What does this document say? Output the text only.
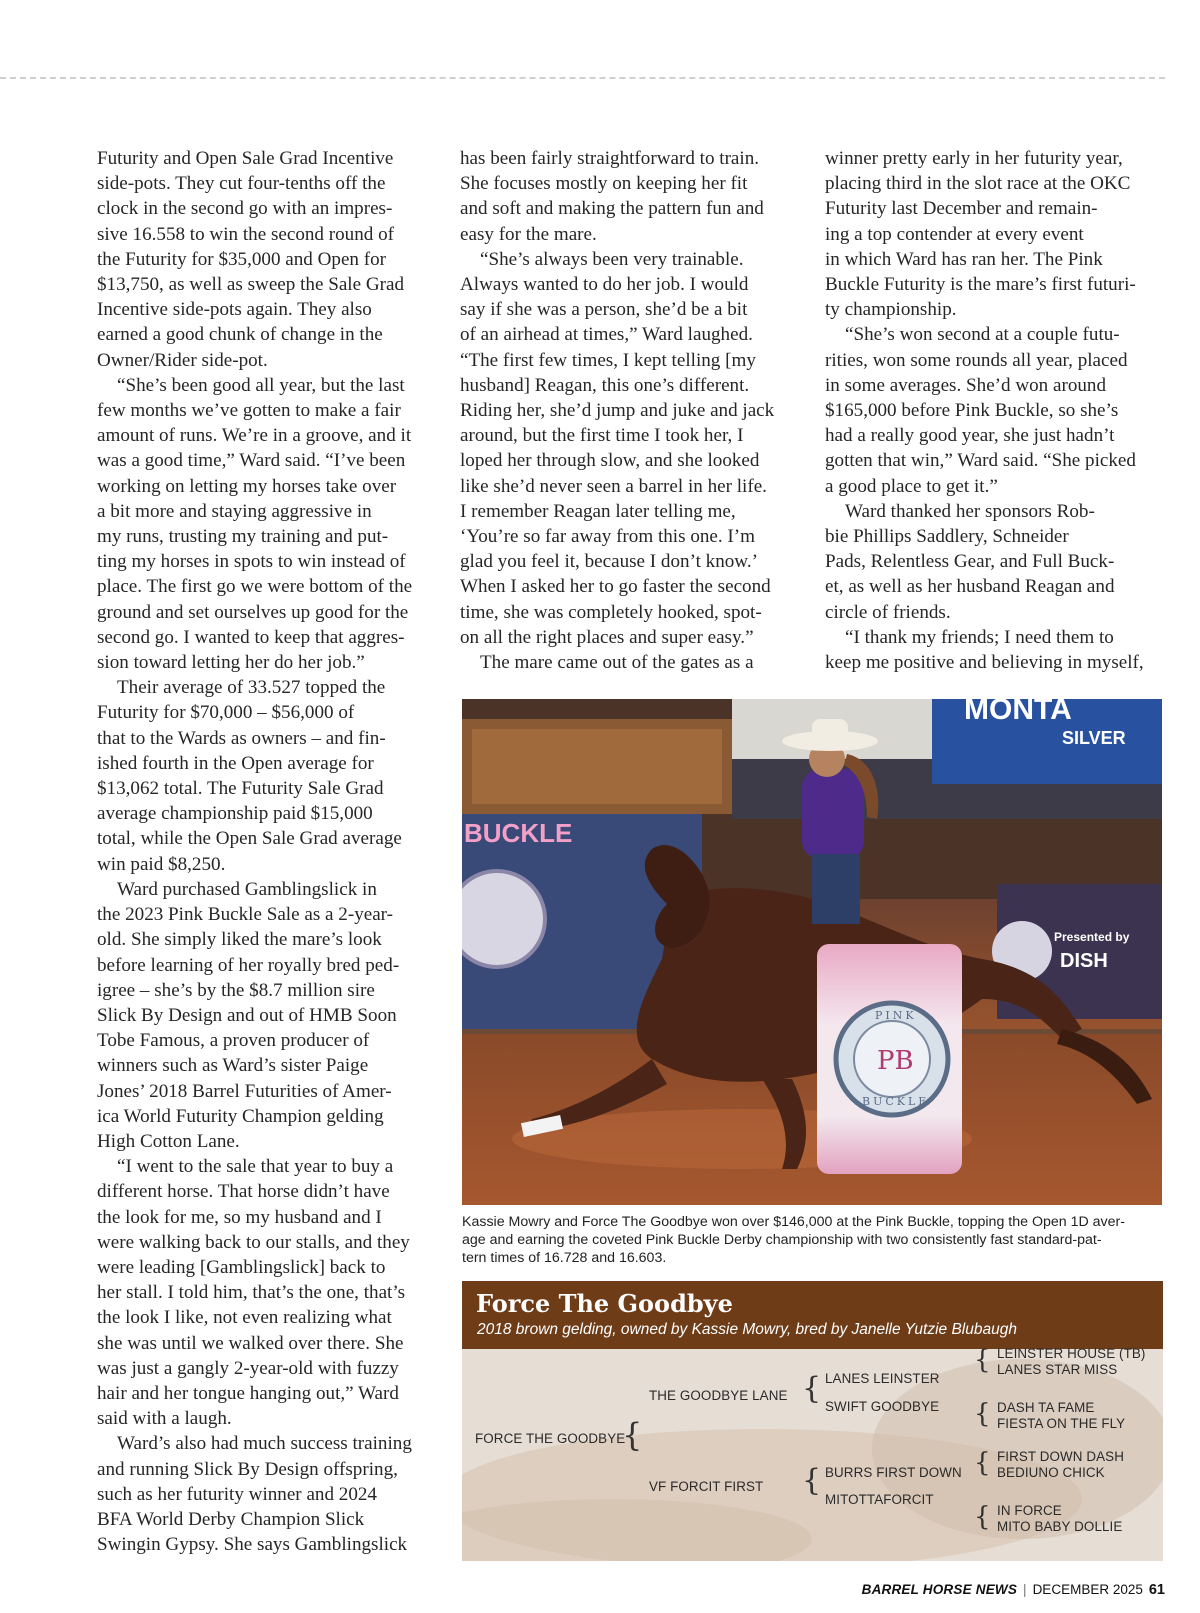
Futurity and Open Sale Grad Incentive

side-pots. They cut four-tenths off the

clock in the second go with an impres-

sive 16.558 to win the second round of

the Futurity for $35,000 and Open for

$13,750, as well as sweep the Sale Grad

Incentive side-pots again. They also

earned a good chunk of change in the

Owner/Rider side-pot.

“She’s been good all year, but the last

few months we’ve gotten to make a fair

amount of runs. We’re in a groove, and it

was a good time,” Ward said. “I’ve been

working on letting my horses take over

a bit more and staying aggressive in

my runs, trusting my training and put-

ting my horses in spots to win instead of

place. The first go we were bottom of the

ground and set ourselves up good for the

second go. I wanted to keep that aggres-

sion toward letting her do her job.”

Their average of 33.527 topped the

Futurity for $70,000 – $56,000 of

that to the Wards as owners – and fin-

ished fourth in the Open average for

$13,062 total. The Futurity Sale Grad

average championship paid $15,000

total, while the Open Sale Grad average

win paid $8,250.

Ward purchased Gamblingslick in

the 2023 Pink Buckle Sale as a 2-year-

old. She simply liked the mare’s look

before learning of her royally bred ped-

igree – she’s by the $8.7 million sire

Slick By Design and out of HMB Soon

Tobe Famous, a proven producer of

winners such as Ward’s sister Paige

Jones’ 2018 Barrel Futurities of Amer-

ica World Futurity Champion gelding

High Cotton Lane.

“I went to the sale that year to buy a

different horse. That horse didn’t have

the look for me, so my husband and I

were walking back to our stalls, and they

were leading [Gamblingslick] back to

her stall. I told him, that’s the one, that’s

the look I like, not even realizing what

she was until we walked over there. She

was just a gangly 2-year-old with fuzzy

hair and her tongue hanging out,” Ward

said with a laugh.

Ward’s also had much success training

and running Slick By Design offspring,

such as her futurity winner and 2024

BFA World Derby Champion Slick

Swingin Gypsy. She says Gamblingslick

has been fairly straightforward to train.

She focuses mostly on keeping her fit

and soft and making the pattern fun and

easy for the mare.

“She’s always been very trainable.

Always wanted to do her job. I would

say if she was a person, she’d be a bit

of an airhead at times,” Ward laughed.

“The first few times, I kept telling [my

husband] Reagan, this one’s different.

Riding her, she’d jump and juke and jack

around, but the first time I took her, I

loped her through slow, and she looked

like she’d never seen a barrel in her life.

I remember Reagan later telling me,

‘You’re so far away from this one. I’m

glad you feel it, because I don’t know.’

When I asked her to go faster the second

time, she was completely hooked, spot-

on all the right places and super easy.”

The mare came out of the gates as a

winner pretty early in her futurity year,

placing third in the slot race at the OKC

Futurity last December and remain-

ing a top contender at every event

in which Ward has ran her. The Pink

Buckle Futurity is the mare’s first futuri-

ty championship.

“She’s won second at a couple futu-

rities, won some rounds all year, placed

in some averages. She’d won around

$165,000 before Pink Buckle, so she’s

had a really good year, she just hadn’t

gotten that win,” Ward said. “She picked

a good place to get it.”

Ward thanked her sponsors Rob-

bie Phillips Saddlery, Schneider

Pads, Relentless Gear, and Full Buck-

et, as well as her husband Reagan and

circle of friends.

“I thank my friends; I need them to

keep me positive and believing in myself,

MONTA
SILVER
BUCKLE
Presented by
DISH
PB
PINK
BUCKLE
Kassie Mowry and Force The Goodbye won over $146,000 at the Pink Buckle, topping the Open 1D aver-
age and earning the coveted Pink Buckle Derby championship with two consistently fast standard-pat-
tern times of 16.728 and 16.603.
Force The Goodbye
2018 brown gelding, owned by Kassie Mowry, bred by Janelle Yutzie Blubaugh
FORCE THE GOODBYE
{
THE GOODBYE LANE
VF FORCIT FIRST
{
{
LANES LEINSTER
SWIFT GOODBYE
BURRS FIRST DOWN
MITOTTAFORCIT
{
{
{
{
LEINSTER HOUSE (TB)
LANES STAR MISS
DASH TA FAME
FIESTA ON THE FLY
FIRST DOWN DASH
BEDIUNO CHICK
IN FORCE
MITO BABY DOLLIE
BARREL HORSE NEWS | DECEMBER 2025 61
